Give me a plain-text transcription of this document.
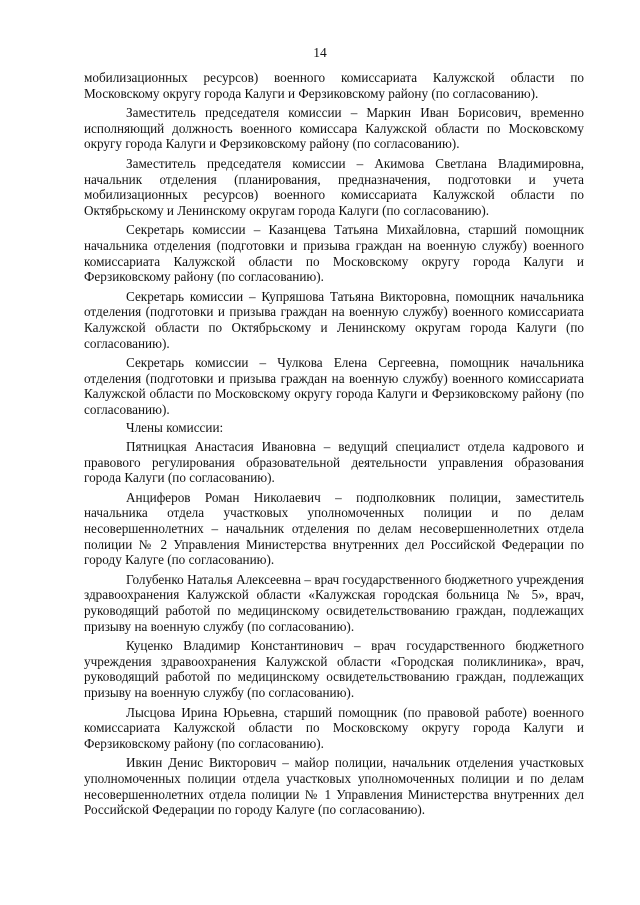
14

мобилизационных ресурсов) военного комиссариата Калужской области по Московскому округу города Калуги и Ферзиковскому району (по согласованию).

Заместитель председателя комиссии – Маркин Иван Борисович, временно исполняющий должность военного комиссара Калужской области по Московскому округу города Калуги и Ферзиковскому району (по согласованию).

Заместитель председателя комиссии – Акимова Светлана Владимировна, начальник отделения (планирования, предназначения, подготовки и учета мобилизационных ресурсов) военного комиссариата Калужской области по Октябрьскому и Ленинскому округам города Калуги (по согласованию).

Секретарь комиссии – Казанцева Татьяна Михайловна, старший помощник начальника отделения (подготовки и призыва граждан на военную службу) военного комиссариата Калужской области по Московскому округу города Калуги и Ферзиковскому району (по согласованию).

Секретарь комиссии – Купряшова Татьяна Викторовна, помощник начальника отделения (подготовки и призыва граждан на военную службу) военного комиссариата Калужской области по Октябрьскому и Ленинскому округам города Калуги (по согласованию).

Секретарь комиссии – Чулкова Елена Сергеевна, помощник начальника отделения (подготовки и призыва граждан на военную службу) военного комиссариата Калужской области по Московскому округу города Калуги и Ферзиковскому району (по согласованию).

Члены комиссии:

Пятницкая Анастасия Ивановна – ведущий специалист отдела кадрового и правового регулирования образовательной деятельности управления образования города Калуги (по согласованию).

Анциферов Роман Николаевич – подполковник полиции, заместитель начальника отдела участковых уполномоченных полиции и по делам несовершеннолетних – начальник отделения по делам несовершеннолетних отдела полиции № 2 Управления Министерства внутренних дел Российской Федерации по городу Калуге (по согласованию).

Голубенко Наталья Алексеевна – врач государственного бюджетного учреждения здравоохранения Калужской области «Калужская городская больница № 5», врач, руководящий работой по медицинскому освидетельствованию граждан, подлежащих призыву на военную службу (по согласованию).

Куценко Владимир Константинович – врач государственного бюджетного учреждения здравоохранения Калужской области «Городская поликлиника», врач, руководящий работой по медицинскому освидетельствованию граждан, подлежащих призыву на военную службу (по согласованию).

Лысцова Ирина Юрьевна, старший помощник (по правовой работе) военного комиссариата Калужской области по Московскому округу города Калуги и Ферзиковскому району (по согласованию).

Ивкин Денис Викторович – майор полиции, начальник отделения участковых уполномоченных полиции отдела участковых уполномоченных полиции и по делам несовершеннолетних отдела полиции № 1 Управления Министерства внутренних дел Российской Федерации по городу Калуге (по согласованию).
